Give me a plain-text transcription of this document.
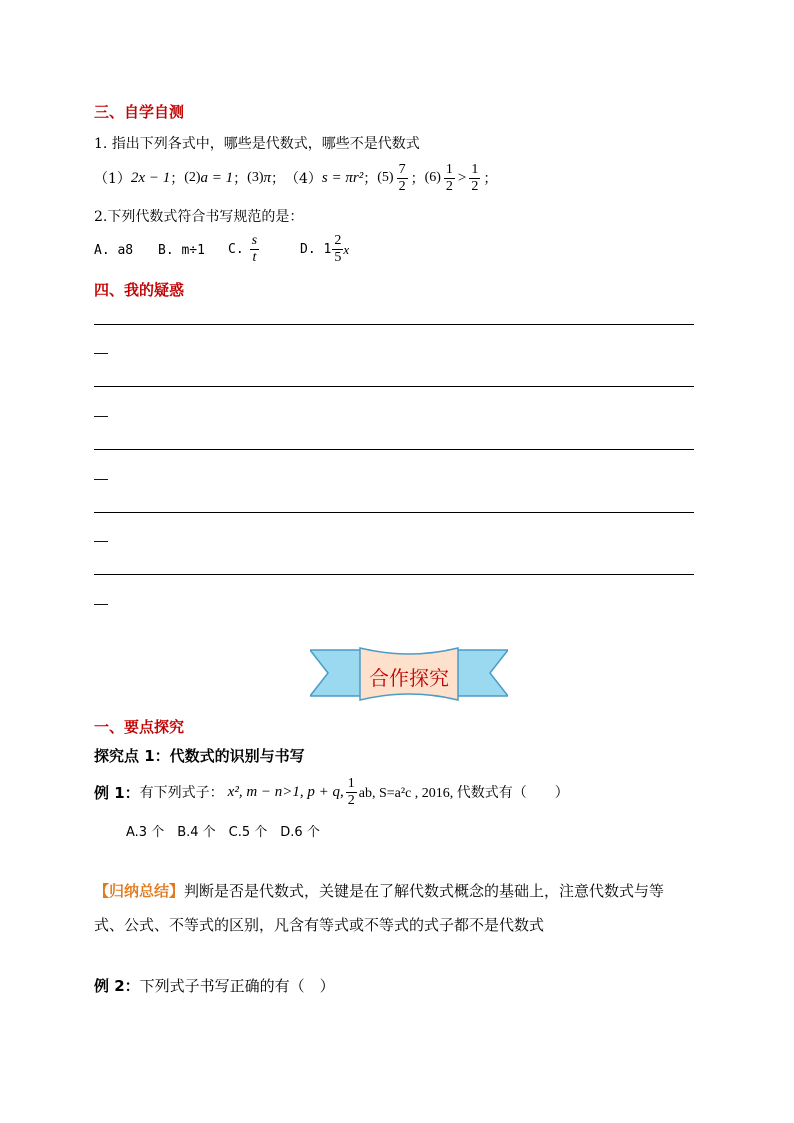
三、自学自测
1. 指出下列各式中，哪些是代数式，哪些不是代数式
（1） 2x − 1 ； (2) a = 1 ； (3) π ； （4） s = πr² ； $(5) \frac{7}{2}$ ； $(6) \frac{1}{2} > \frac{1}{2}$ ；
2.下列代数式符合书写规范的是：
A. a8 B. m÷1 C. $\frac{s}{t}$	D. $1 \frac{2}{5}$ x
四、我的疑惑
—
—
—
—
—
合作探究
一、要点探究
探究点 1：代数式的识别与书写
例 1： 有下列式子： x², m − n>1, p + q, $\frac{1}{2}$ ab, S=a²c , 2016, 代数式有（　　）
A.3 个　B.4 个　C.5 个　D.6 个
【归纳总结】判断是否是代数式，关键是在了解代数式概念的基础上，注意代数式与等
式、公式、不等式的区别，凡含有等式或不等式的式子都不是代数式
例 2：下列式子书写正确的有（　）
